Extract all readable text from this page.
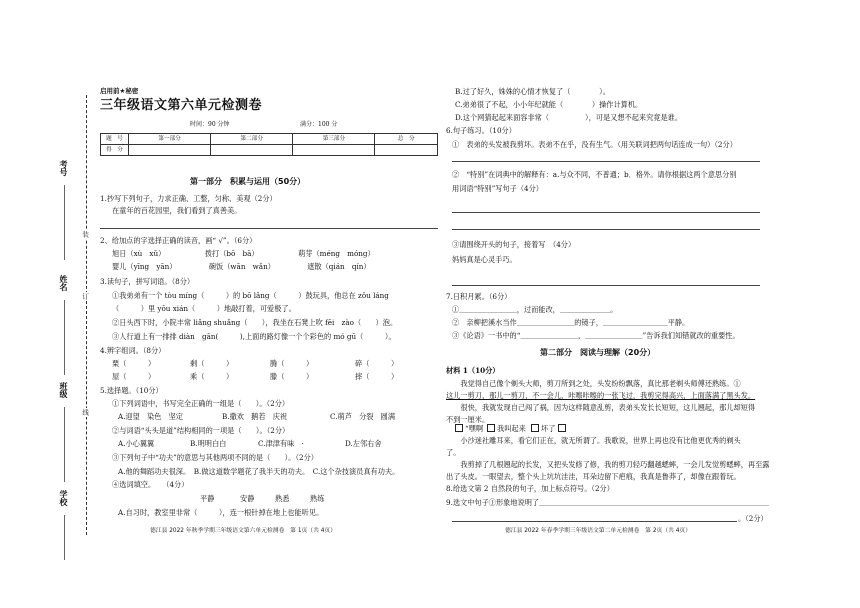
考号
姓名
班级
学校
装
订
线
启用前★秘密
三年级语文第六单元检测卷
时间：90 分钟	满分：100 分
题　号	第一部分	第二部分	第三部分	总　分
得　分				
第一部分　积累与运用（50分）
1.抄写下列句子，力求正确、工整，匀称、美观（2分）
在童年的百花园里，我们看到了真善美。
2、给加点的字选择正确的读音，画“ √”。（6分）
旭日（xù　xǔ）　　　　　　拨打（bō　bā）　　　　　　萌芽（méng　móng）
婴儿（yīng　yān）　　　　　碗饭（wān　wǎn）　　　　　遮散（qián　qín）
3.读句子，拼写词语。（8分）
①我弟弟有一个 tòu míng（　　　）的 bō lǎng（　　　）鼓玩具，他总在 zǒu láng
（　　　）里 yōu xián（　　　）地敲打着，可爱极了。
②日头西下时，小院丰常 liǎng shuǎng（　　），我坐在石凳上吹 fēi　zào（　　）泡。
③人行道上有一排排 diàn　gān(　　　),上面的路灯像一个个彩色的 mó gū（　　　）。
4.辨字组词。（8分）
栗（　　　）	剩（　　　）	腾（　　　）	碎（　　　）
屋（　　　）	乘（　　　）	滕（　　　）	摔（　　　）
5.选择题。（10分）
①下列词语中，书写完全正确的一组是（　　）。（2分）
A.迎望　染色　坚定	B.撒欢　鹅若　庆祝	C.萌芦　分裂　圆满
②与词语“头头是道”结构相同的一项是（　　）。（2分）
A.小心翼翼	B.明明白白	C.津津有味　·	D.左邻右舍
③下列句子中“功夫”的意思与其他两项不同的是（　　）。（2分）
A.他的舞蹈功夫很深。　B.做这道数学题花了我半天的功夫。　C.这个杂技演员真有功夫。
④选词填空。　　（4分）
平静	安静	熟悉	熟练
A.自习时，教室里非常（　　　），连一根针掉在地上也能听见。
德江县 2022 年秋季学期三年级语文第六单元检测卷　第 1页（共 4页）
B.过了好久，姝姝的心情才恢复了（　　　　）。
C.弟弟很了不起，小小年纪就能（　　　　）操作计算机。
D.这个网猜起起来面容非常（　　　　　），可是又想不起来究竟是谁。
6.句子练习。（10分）
①　表弟的头发被我剪坏。表弟不在乎，没有生气。（用关联词把两句话连成一句）（2分）
②　“特别”在词典中的解释有：a.与众不同，不普通；b．格外。请你根据这两个意思分别
用词语“特别”写句子（4分）
③请围绕开头的句子，接着写　（4分）
妈妈真是心灵手巧。
7.日积月累。（6分）
①＿＿＿＿＿＿＿＿，过而能改，＿＿＿＿＿＿＿。
②　亲柳把溪水当作＿＿＿＿＿＿＿＿的镜子，＿＿＿＿＿＿＿＿＿平静。
③《论语》一书中的“＿＿＿＿＿＿＿＿，＿＿＿＿＿＿＿＿”告诉我们知错就改的重要性。
第二部分　阅读与理解（20分）
材料 1（10分）
　　我觉得自己像个剃头大师，剪刀所到之处，头发纷纷飘落，真比那老剃头师傅还熟练。①
这儿一剪刀，那儿一剪刀，不一会儿，咔嚓咔嚓的一张飞过，我剪完得高兴，上面落满了黑头发。
　　很快，我就发现自己闯了祸，因为这样随意乱剪，表弟头发长长短短，这儿翘起，那儿却短得
不到一厘米。
“嘿啊 我叫起来 坏了
　　小沙迷社雕耳来，看它们正在，就无所谓了。我歌说，世界上再也没有比他更优秀的剃头
了。
　　我剪掉了几根翘起的长发，又把头发修了修，我的剪刀轻巧翻越蟋蟀，一会儿发觉剪蟋蟀，再至露
出了头皮。一眼望去，整个头上坑坑洼洼，耳朵边留下疤痕，我真是鲁莽了，却像在跟着玩。
8.给选文第 2 自然段的句子，加上标点符号。（2分）
9.选文中句子①形象地说明了＿＿＿＿＿＿＿＿＿＿＿＿＿＿＿＿＿＿＿＿＿＿＿＿＿＿＿＿＿＿＿＿
。（2分）
德江县 2022 年春季学期三年级语文第二单元检测卷　第 2页（共 4页）
